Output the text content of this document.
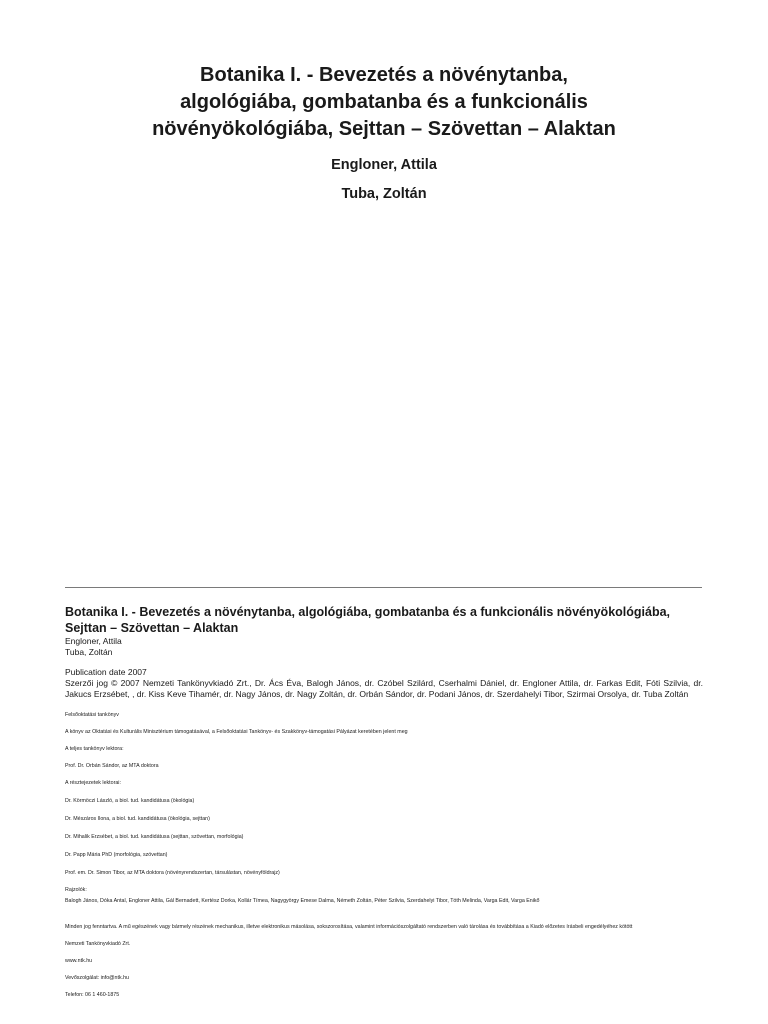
Botanika I. - Bevezetés a növénytanba,
algológiába, gombatanba és a funkcionális
növényökológiába, Sejttan – Szövettan – Alaktan

Engloner, Attila

Tuba, Zoltán

Botanika I. - Bevezetés a növénytanba, algológiába, gombatanba és a funkcionális növényökológiába,
Sejttan – Szövettan – Alaktan
Engloner, Attila
Tuba, Zoltán
Publication date 2007
Szerzői jog © 2007 Nemzeti Tankönyvkiadó Zrt., Dr. Ács Éva, Balogh János, dr. Czóbel Szilárd, Cserhalmi Dániel, dr. Engloner Attila, dr. Farkas Edit, Fóti Szilvia, dr. Jakucs Erzsébet, , dr. Kiss Keve Tihamér, dr. Nagy János, dr. Nagy Zoltán, dr. Orbán Sándor, dr. Podani János, dr. Szerdahelyi Tibor, Szirmai Orsolya, dr. Tuba Zoltán
Felsőoktatási tankönyv
A könyv az Oktatási és Kulturális Minisztérium támogatásával, a Felsőoktatási Tankönyv- és Szakkönyv-támogatási Pályázat keretében jelent meg
A teljes tankönyv lektora:
Prof. Dr. Orbán Sándor, az MTA doktora
A résztejezetek lektorai:
Dr. Körmöczi László, a biol. tud. kandidátusa (ökológia)
Dr. Mészáros Ilona, a biol. tud. kandidátusa (ökológia, sejttan)
Dr. Mihalik Erzsébet, a biol. tud. kandidátusa (sejttan, szövettan, morfológia)
Dr. Papp Mária PhD (morfológia, szövettan)
Prof. em. Dr. Simon Tibor, az MTA doktora (növényrendszertan, társulástan, növényföldrajz)
Rajzolók:
Balogh János, Dóka Antal, Engloner Attila, Gál Bernadett, Kertész Dorka, Kollár Tímea, Nagygyörgy Emese Dalma, Németh Zoltán, Péter Szilvia, Szerdahelyi Tibor, Tóth Melinda, Varga Edit, Varga Enikő
Minden jog fenntartva. A mű egészének vagy bármely részének mechanikus, illetve elektronikus másolása, sokszorosítása, valamint információszolgáltató rendszerben való tárolása és továbbítása a Kiadó előzetes írásbeli engedélyéhez kötött
Nemzeti Tankönyvkiadó Zrt.
www.ntk.hu
Vevőszolgálat: info@ntk.hu
Telefon: 06 1 460-1875
